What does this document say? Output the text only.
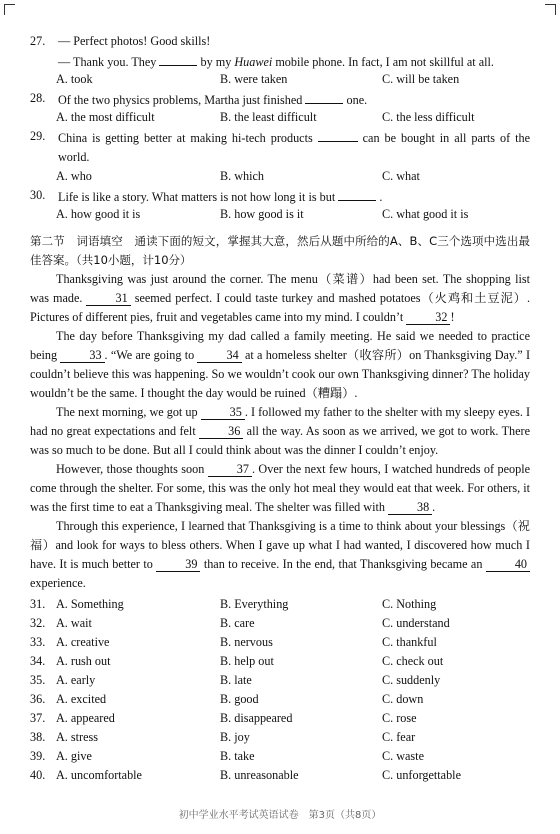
27. — Perfect photos! Good skills!
— Thank you. They	by my Huawei mobile phone. In fact, I am not skillful at all.
A. took	B. were taken	C. will be taken
28. Of the two physics problems, Martha just finished	one.
A. the most difficult	B. the least difficult	C. the less difficult
29. China is getting better at making hi-tech products	can be bought in all parts of the world.
A. who	B. which	C. what
30. Life is like a story. What matters is not how long it is but	.
A. how good it is	B. how good is it	C. what good it is
第二节　词语填空　通读下面的短文，掌握其大意，然后从题中所给的A、B、C三个选项中选出最佳答案。（共10小题，计10分）
Thanksgiving was just around the corner. The menu（菜谱）had been set. The shopping list was made.	31 seemed perfect. I could taste turkey and mashed potatoes（火鸡和土豆泥）. Pictures of different pies, fruit and vegetables came into my mind. I couldn’t	32 !
The day before Thanksgiving my dad called a family meeting. He said we needed to practice being	33 . “We are going to	34 at a homeless shelter（收容所）on Thanksgiving Day.” I couldn’t believe this was happening. So we wouldn’t cook our own Thanksgiving dinner? The holiday wouldn’t be the same. I thought the day would be ruined（糟蹋）.
The next morning, we got up	35 . I followed my father to the shelter with my sleepy eyes. I had no great expectations and felt	36 all the way. As soon as we arrived, we got to work. There was so much to be done. But all I could think about was the dinner I couldn’t enjoy.
However, those thoughts soon	37 . Over the next few hours, I watched hundreds of people come through the shelter. For some, this was the only hot meal they would eat that week. For others, it was the first time to eat a Thanksgiving meal. The shelter was filled with	38 .
Through this experience, I learned that Thanksgiving is a time to think about your blessings（祝福）and look for ways to bless others. When I gave up what I had wanted, I discovered how much I have. It is much better to	39 than to receive. In the end, that Thanksgiving became an	40 experience.
31. A. Something	B. Everything	C. Nothing
32. A. wait	B. care	C. understand
33. A. creative	B. nervous	C. thankful
34. A. rush out	B. help out	C. check out
35. A. early	B. late	C. suddenly
36. A. excited	B. good	C. down
37. A. appeared	B. disappeared	C. rose
38. A. stress	B. joy	C. fear
39. A. give	B. take	C. waste
40. A. uncomfortable	B. unreasonable	C. unforgettable
初中学业水平考试英语试卷　第3页（共8页）
